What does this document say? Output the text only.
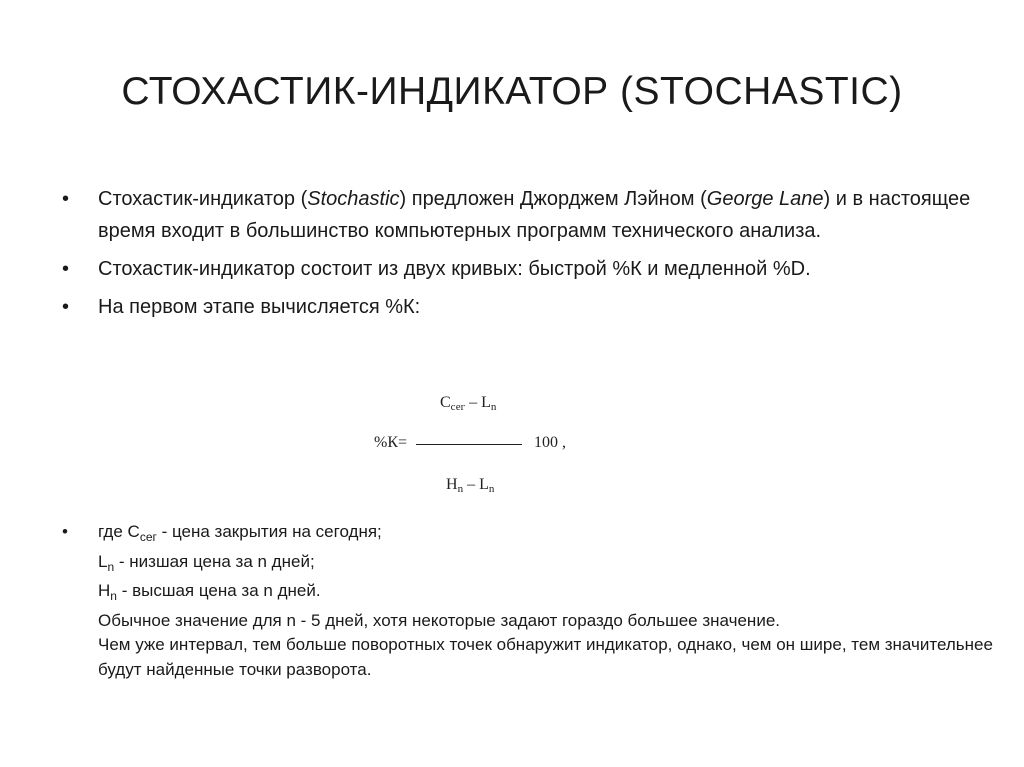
СТОХАСТИК-ИНДИКАТОР (STOCHASTIC)
•	Стохастик-индикатор (Stochastic) предложен Джорджем Лэйном (George Lane) и в настоящее время входит в большинство компьютерных программ технического анализа.
•	Стохастик-индикатор состоит из двух кривых: быстрой %К и медленной %D.
•	На первом этапе вычисляется %К:
Cсег – Ln
%К=	100 ,
Hn – Ln
• где $С_{сег}$ - цена закрытия на сегодня;
$L_n$ - низшая цена за n дней;
$H_n$ - высшая цена за n дней.
Обычное значение для n - 5 дней, хотя некоторые задают гораздо большее значение.
Чем уже интервал, тем больше поворотных точек обнаружит индикатор, однако, чем он шире, тем значительнее будут найденные точки разворота.
